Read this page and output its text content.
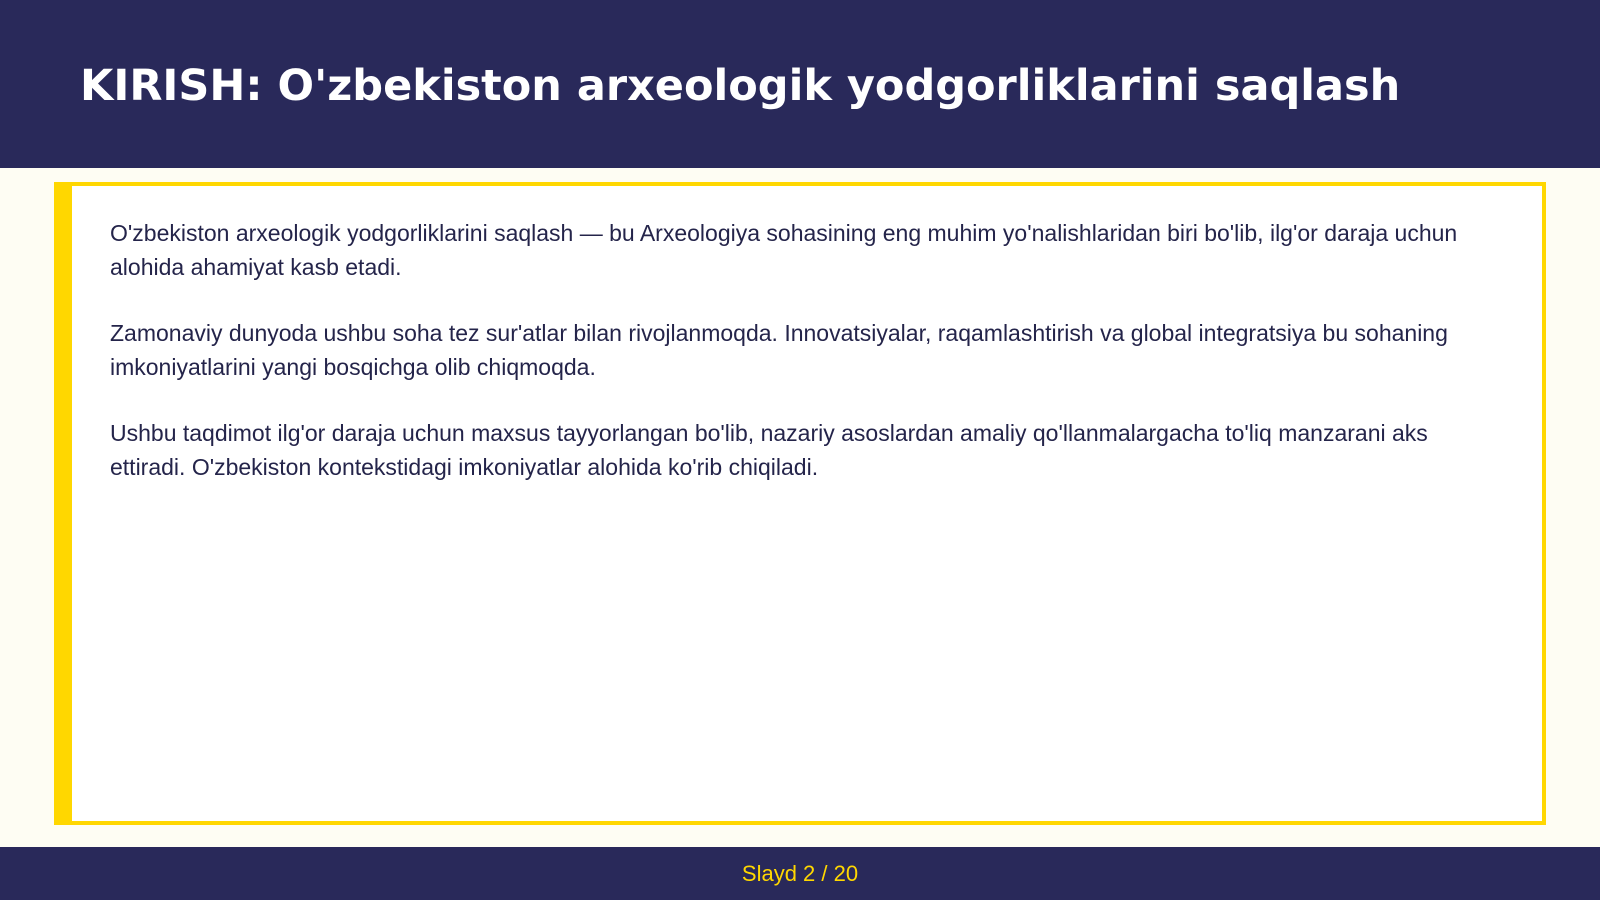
KIRISH: O'zbekiston arxeologik yodgorliklarini saqlash

O'zbekiston arxeologik yodgorliklarini saqlash — bu Arxeologiya sohasining eng muhim yo'nalishlaridan biri bo'lib, ilg'or daraja uchun alohida ahamiyat kasb etadi.

Zamonaviy dunyoda ushbu soha tez sur'atlar bilan rivojlanmoqda. Innovatsiyalar, raqamlashtirish va global integratsiya bu sohaning imkoniyatlarini yangi bosqichga olib chiqmoqda.

Ushbu taqdimot ilg'or daraja uchun maxsus tayyorlangan bo'lib, nazariy asoslardan amaliy qo'llanmalargacha to'liq manzarani aks ettiradi. O'zbekiston kontekstidagi imkoniyatlar alohida ko'rib chiqiladi.

Slayd 2 / 20
